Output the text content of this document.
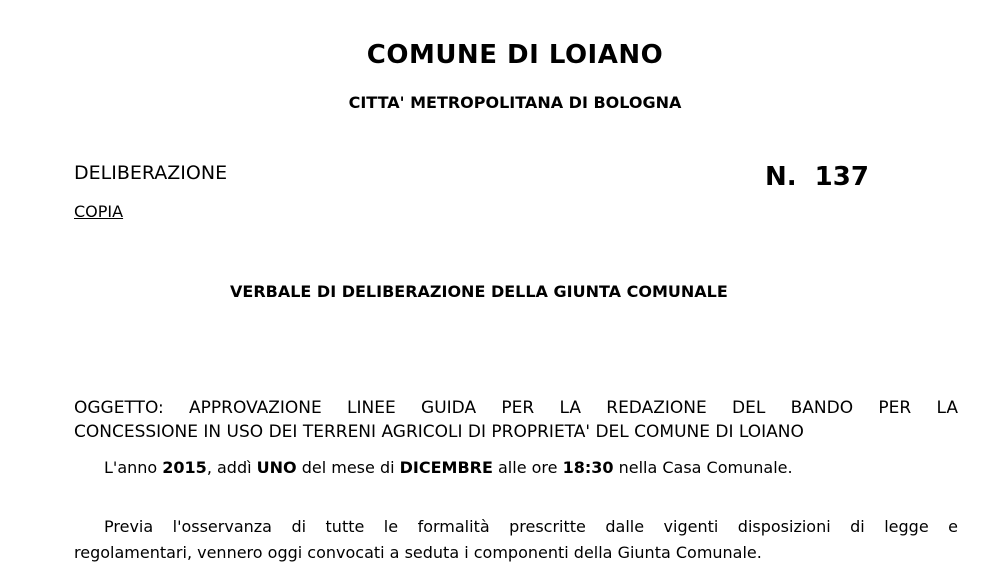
COMUNE DI LOIANO
CITTA' METROPOLITANA DI BOLOGNA
DELIBERAZIONE
COPIA
N. 137
VERBALE DI DELIBERAZIONE DELLA GIUNTA COMUNALE
OGGETTO: APPROVAZIONE LINEE GUIDA PER LA REDAZIONE DEL BANDO PER LA
CONCESSIONE IN USO DEI TERRENI AGRICOLI DI PROPRIETA' DEL COMUNE DI LOIANO
L'anno 2015, addì UNO del mese di DICEMBRE alle ore 18:30 nella Casa Comunale.
Previa l'osservanza di tutte le formalità prescritte dalle vigenti disposizioni di legge e
regolamentari, vennero oggi convocati a seduta i componenti della Giunta Comunale.
